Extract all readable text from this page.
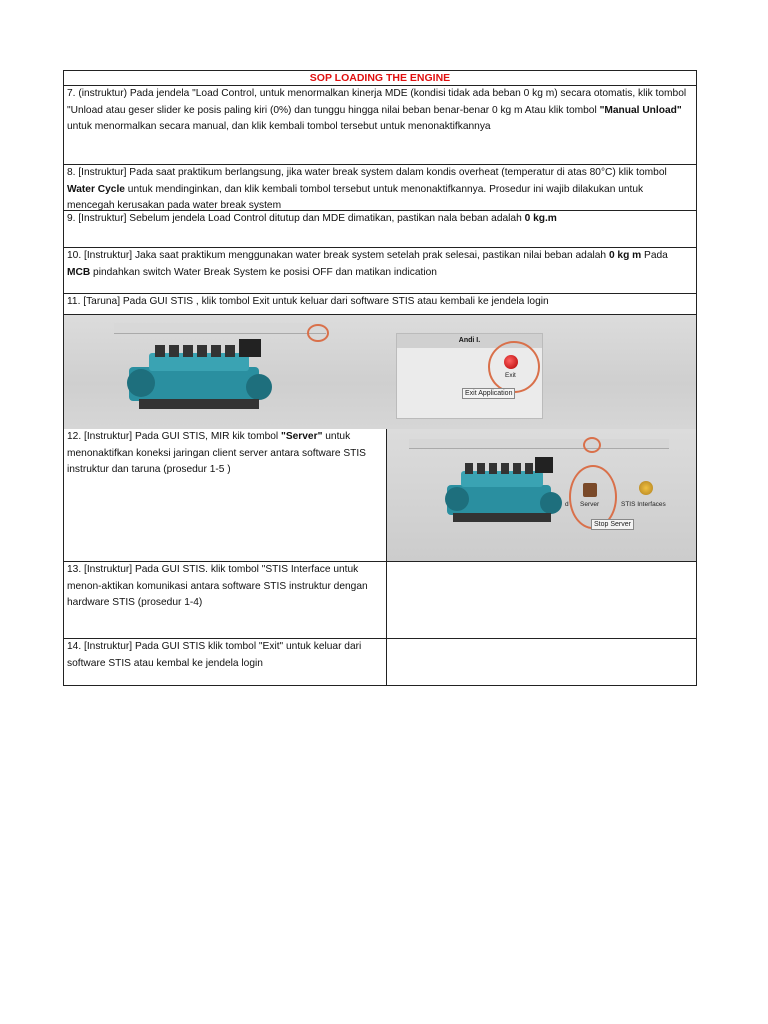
SOP LOADING THE ENGINE
7. (instruktur) Pada jendela "Load Control, untuk menormalkan kinerja MDE (kondisi tidak ada beban 0 kg m) secara otomatis, klik tombol "Unload atau geser slider ke posis paling kiri (0%) dan tunggu hingga nilai beban benar-benar 0 kg m Atau klik tombol "Manual Unload" untuk menormalkan secara manual, dan klik kembali tombol tersebut untuk menonaktifkannya
8. [Instruktur] Pada saat praktikum berlangsung, jika water break system dalam kondis overheat (temperatur di atas 80°C) klik tombol Water Cycle untuk mendinginkan, dan klik kembali tombol tersebut untuk menonaktifkannya. Prosedur ini wajib dilakukan untuk mencegah kerusakan pada water break system
9. [Instruktur] Sebelum jendela Load Control ditutup dan MDE dimatikan, pastikan nala beban adalah 0 kg.m
10. [Instruktur] Jaka saat praktikum menggunakan water break system setelah prak selesai, pastikan nilai beban adalah 0 kg m Pada MCB pindahkan switch Water Break System ke posisi OFF dan matikan indication
11. [Taruna] Pada GUI STIS , klik tombol Exit untuk keluar dari software STIS atau kembali ke jendela login
Andi I.
Exit
Exit Application
12. [Instruktur] Pada GUI STIS, MIR kik tombol "Server" untuk menonaktifkan koneksi jaringan client server antara software STIS instruktur dan taruna (prosedur 1-5 )
d Server	STIS Interfaces
Stop Server
13. [Instruktur] Pada GUI STIS. klik tombol "STIS Interface untuk menon-aktikan komunikasi antara software STIS instruktur dengan hardware STIS (prosedur 1-4)
14. [Instruktur] Pada GUI STIS klik tombol "Exit" untuk keluar dari software STIS atau kembal ke jendela login
